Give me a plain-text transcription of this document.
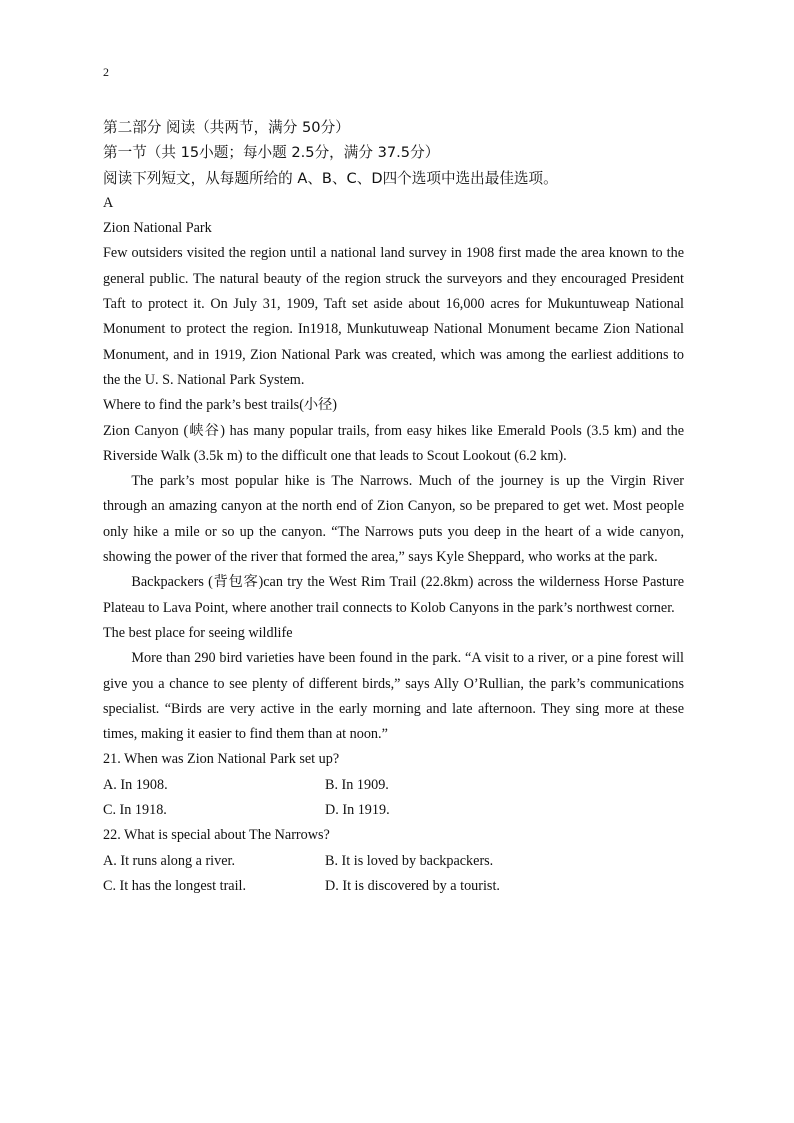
2

第二部分 阅读（共两节，满分 50分）

第一节（共 15小题；每小题 2.5分，满分 37.5分）

阅读下列短文，从每题所给的 A、B、C、D四个选项中选出最佳选项。

A

Zion National Park

Few outsiders visited the region until a national land survey in 1908 first made the area known to the general public. The natural beauty of the region struck the surveyors and they encouraged President Taft to protect it. On July 31, 1909, Taft set aside about 16,000 acres for Mukuntuweap National Monument to protect the region. In1918, Munkutuweap National Monument became Zion National Monument, and in 1919, Zion National Park was created, which was among the earliest additions to the the U. S. National Park System.

Where to find the park’s best trails(小径)

Zion Canyon (峡谷) has many popular trails, from easy hikes like Emerald Pools (3.5 km) and the Riverside Walk (3.5k m) to the difficult one that leads to Scout Lookout (6.2 km).

The park’s most popular hike is The Narrows. Much of the journey is up the Virgin River through an amazing canyon at the north end of Zion Canyon, so be prepared to get wet. Most people only hike a mile or so up the canyon. “The Narrows puts you deep in the heart of a wide canyon, showing the power of the river that formed the area,” says Kyle Sheppard, who works at the park.

Backpackers (背包客)can try the West Rim Trail (22.8km) across the wilderness Horse Pasture Plateau to Lava Point, where another trail connects to Kolob Canyons in the park’s northwest corner.

The best place for seeing wildlife

More than 290 bird varieties have been found in the park. “A visit to a river, or a pine forest will give you a chance to see plenty of different birds,” says Ally O’Rullian, the park’s communications specialist. “Birds are very active in the early morning and late afternoon. They sing more at these times, making it easier to find them than at noon.”

21. When was Zion National Park set up?

A. In 1908.	B. In 1909.
C. In 1918.	D. In 1919.

22. What is special about The Narrows?

A. It runs along a river.	B. It is loved by backpackers.
C. It has the longest trail.	D. It is discovered by a tourist.
